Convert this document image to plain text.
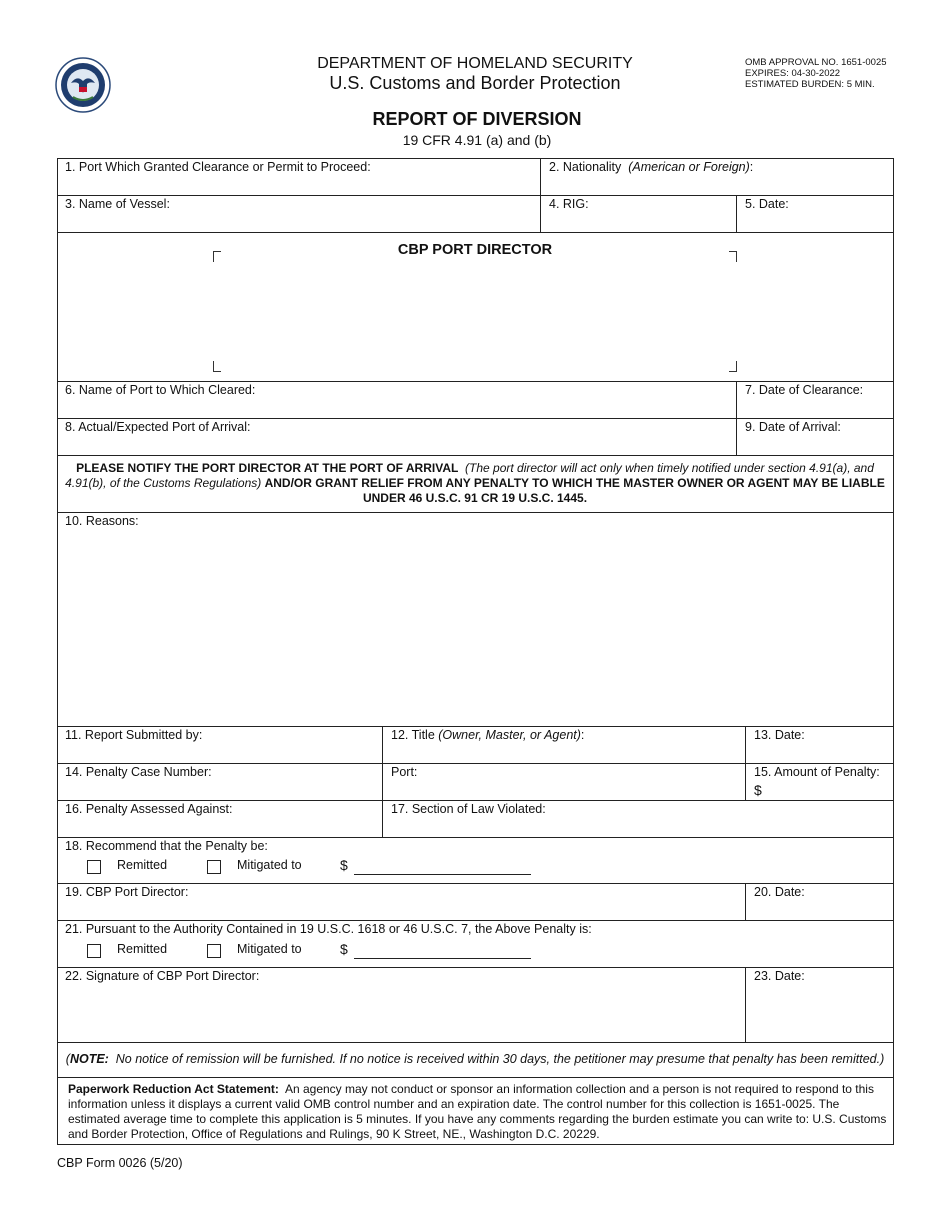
DEPARTMENT OF HOMELAND SECURITY
U.S. Customs and Border Protection
OMB APPROVAL NO. 1651-0025
EXPIRES: 04-30-2022
ESTIMATED BURDEN: 5 MIN.
REPORT OF DIVERSION
19 CFR 4.91 (a) and (b)
1. Port Which Granted Clearance or Permit to Proceed:	2. Nationality (American or Foreign):
3. Name of Vessel:	4. RIG:	5. Date:
CBP PORT DIRECTOR
6. Name of Port to Which Cleared:	7. Date of Clearance:
8. Actual/Expected Port of Arrival:	9. Date of Arrival:
PLEASE NOTIFY THE PORT DIRECTOR AT THE PORT OF ARRIVAL (The port director will act only when timely notified under section 4.91(a), and 4.91(b), of the Customs Regulations) AND/OR GRANT RELIEF FROM ANY PENALTY TO WHICH THE MASTER OWNER OR AGENT MAY BE LIABLE UNDER 46 U.S.C. 91 CR 19 U.S.C. 1445.
10. Reasons:
11. Report Submitted by:	12. Title (Owner, Master, or Agent):	13. Date:
14. Penalty Case Number:	Port:	15. Amount of Penalty:
$
16. Penalty Assessed Against:	17. Section of Law Violated:
18. Recommend that the Penalty be:
Remitted	Mitigated to	$
19. CBP Port Director:	20. Date:
21. Pursuant to the Authority Contained in 19 U.S.C. 1618 or 46 U.S.C. 7, the Above Penalty is:
Remitted	Mitigated to	$
22. Signature of CBP Port Director:	23. Date:
(NOTE: No notice of remission will be furnished. If no notice is received within 30 days, the petitioner may presume that penalty has been remitted.)
Paperwork Reduction Act Statement: An agency may not conduct or sponsor an information collection and a person is not required to respond to this information unless it displays a current valid OMB control number and an expiration date. The control number for this collection is 1651-0025. The estimated average time to complete this application is 5 minutes. If you have any comments regarding the burden estimate you can write to: U.S. Customs and Border Protection, Office of Regulations and Rulings, 90 K Street, NE., Washington D.C. 20229.
CBP Form 0026 (5/20)
